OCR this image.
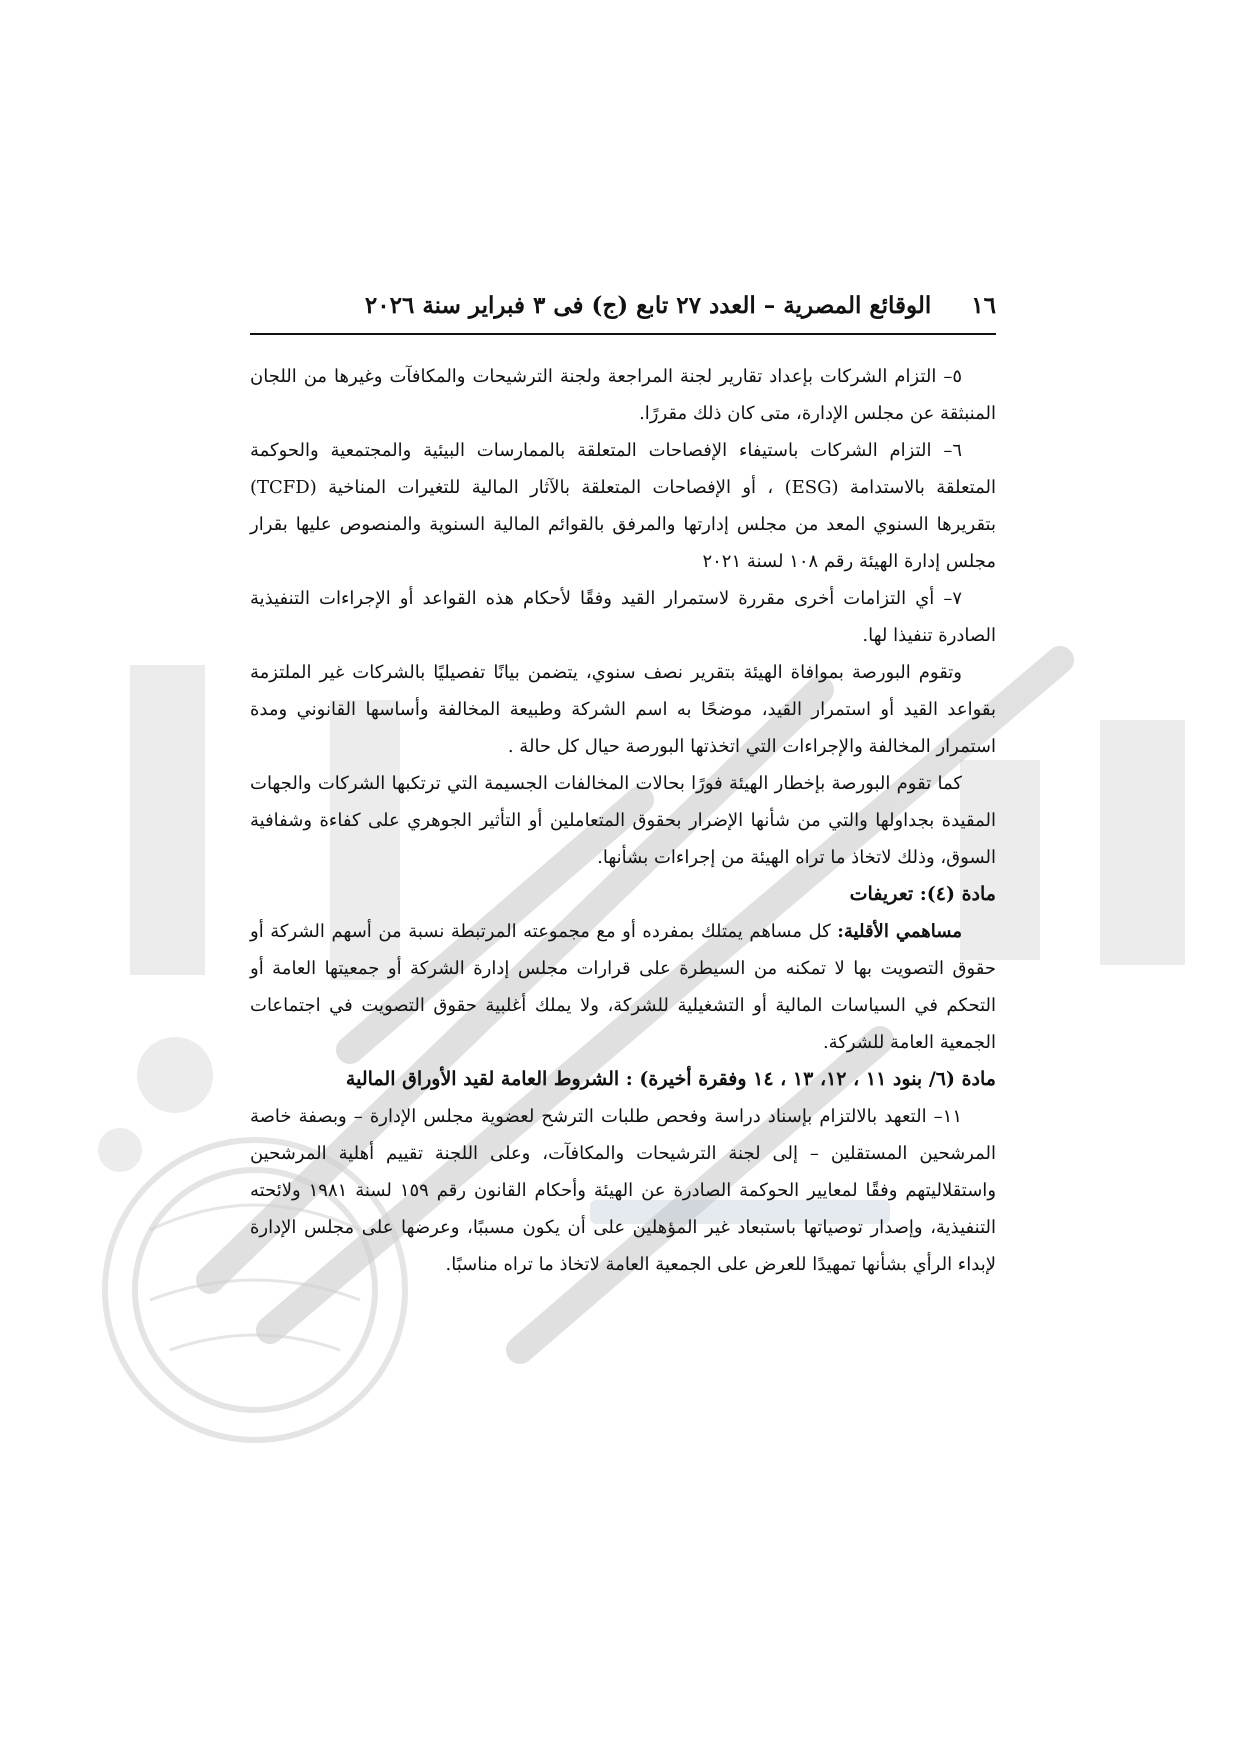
١٦
الوقائع المصرية – العدد ٢٧ تابع (ج) فى ٣ فبراير سنة ٢٠٢٦

٥– التزام الشركات بإعداد تقارير لجنة المراجعة ولجنة الترشيحات والمكافآت وغيرها من اللجان المنبثقة عن مجلس الإدارة، متى كان ذلك مقررًا.

٦– التزام الشركات باستيفاء الإفصاحات المتعلقة بالممارسات البيئية والمجتمعية والحوكمة المتعلقة بالاستدامة (ESG) ، أو الإفصاحات المتعلقة بالآثار المالية للتغيرات المناخية (TCFD) بتقريرها السنوي المعد من مجلس إدارتها والمرفق بالقوائم المالية السنوية والمنصوص عليها بقرار مجلس إدارة الهيئة رقم ١٠٨ لسنة ٢٠٢١

٧– أي التزامات أخرى مقررة لاستمرار القيد وفقًا لأحكام هذه القواعد أو الإجراءات التنفيذية الصادرة تنفيذا لها.

وتقوم البورصة بموافاة الهيئة بتقرير نصف سنوي، يتضمن بيانًا تفصيليًا بالشركات غير الملتزمة بقواعد القيد أو استمرار القيد، موضحًا به اسم الشركة وطبيعة المخالفة وأساسها القانوني ومدة استمرار المخالفة والإجراءات التي اتخذتها البورصة حيال كل حالة .

كما تقوم البورصة بإخطار الهيئة فورًا بحالات المخالفات الجسيمة التي ترتكبها الشركات والجهات المقيدة بجداولها والتي من شأنها الإضرار بحقوق المتعاملين أو التأثير الجوهري على كفاءة وشفافية السوق، وذلك لاتخاذ ما تراه الهيئة من إجراءات بشأنها.

مادة (٤): تعريفات

مساهمي الأقلية: كل مساهم يمتلك بمفرده أو مع مجموعته المرتبطة نسبة من أسهم الشركة أو حقوق التصويت بها لا تمكنه من السيطرة على قرارات مجلس إدارة الشركة أو جمعيتها العامة أو التحكم في السياسات المالية أو التشغيلية للشركة، ولا يملك أغلبية حقوق التصويت في اجتماعات الجمعية العامة للشركة.

مادة (٦/ بنود ١١ ، ١٢، ١٣ ، ١٤ وفقرة أخيرة) : الشروط العامة لقيد الأوراق المالية

١١– التعهد بالالتزام بإسناد دراسة وفحص طلبات الترشح لعضوية مجلس الإدارة – وبصفة خاصة المرشحين المستقلين – إلى لجنة الترشيحات والمكافآت، وعلى اللجنة تقييم أهلية المرشحين واستقلاليتهم وفقًا لمعايير الحوكمة الصادرة عن الهيئة وأحكام القانون رقم ١٥٩ لسنة ١٩٨١ ولائحته التنفيذية، وإصدار توصياتها باستبعاد غير المؤهلين على أن يكون مسببًا، وعرضها على مجلس الإدارة لإبداء الرأي بشأنها تمهيدًا للعرض على الجمعية العامة لاتخاذ ما تراه مناسبًا.
